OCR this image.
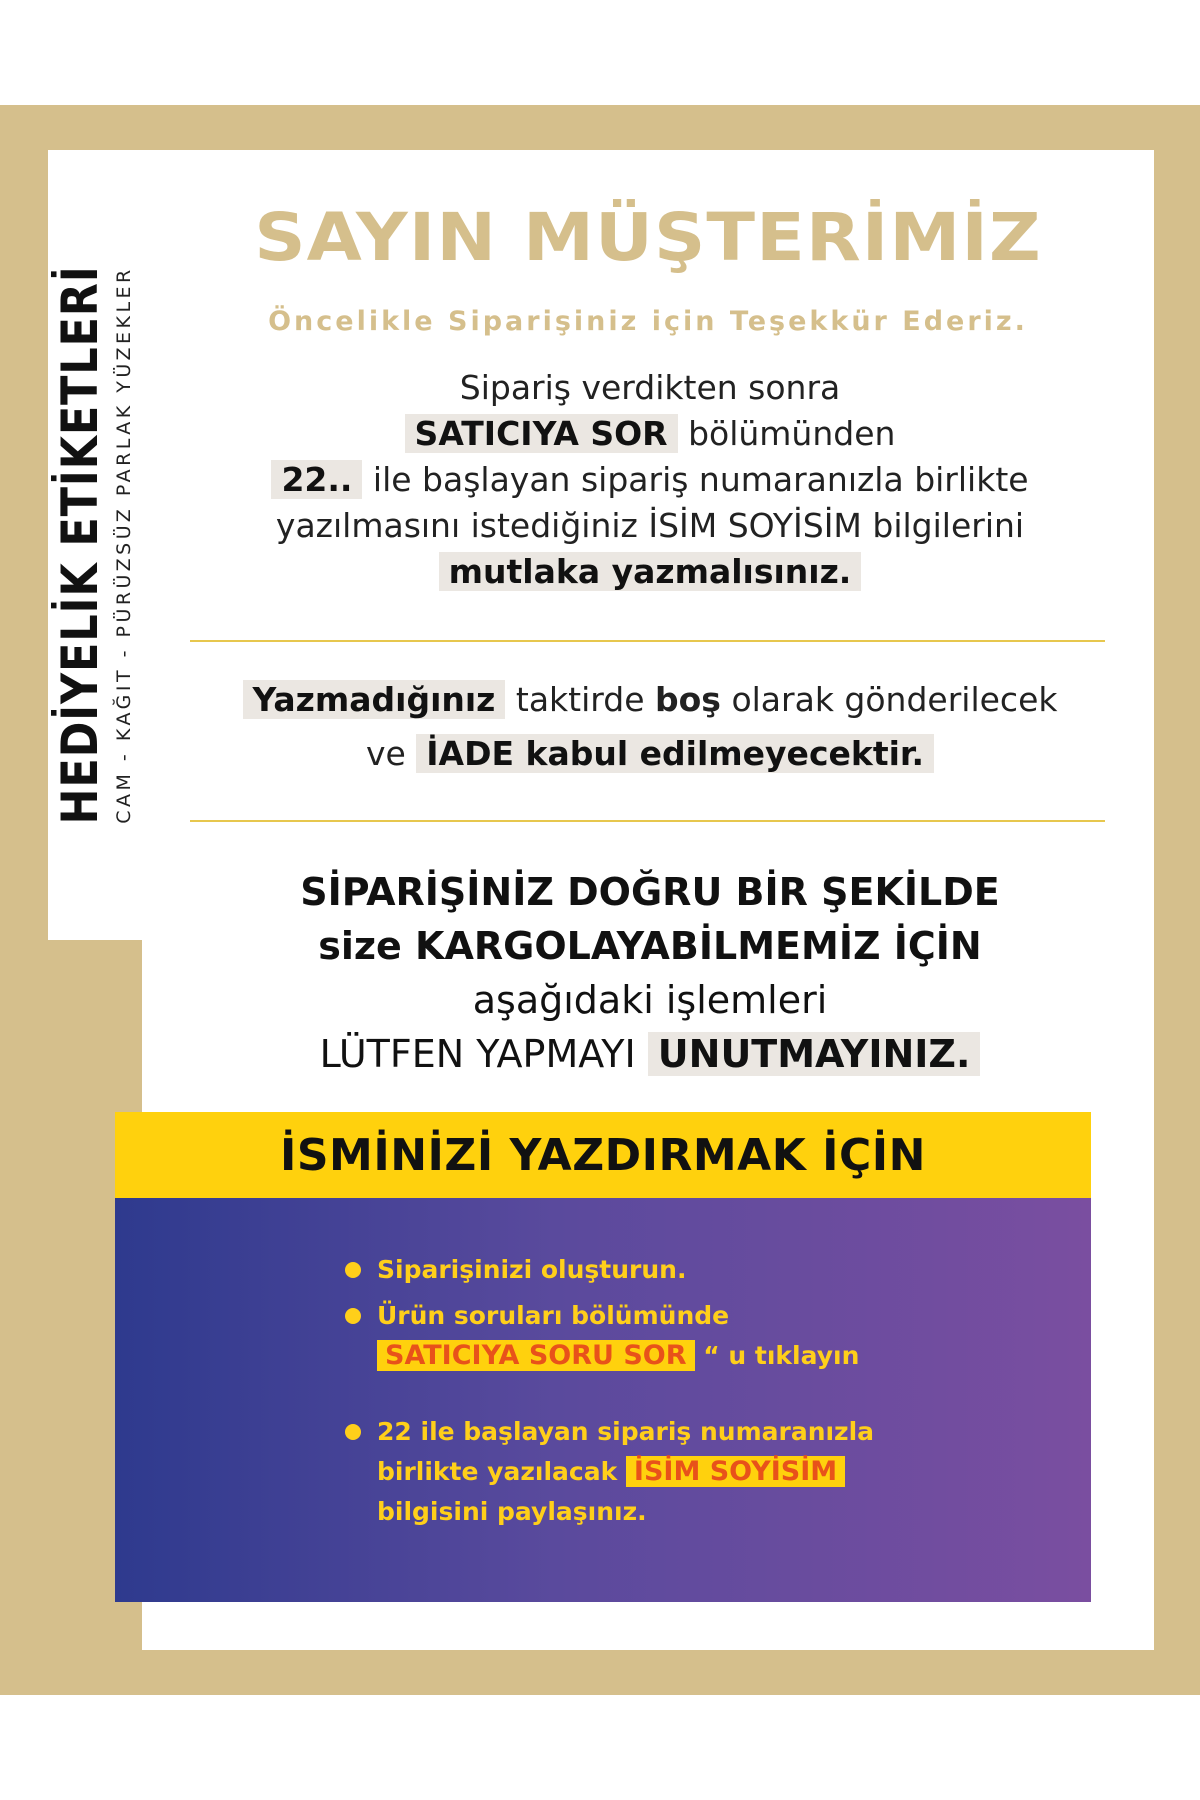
HEDİYELİK ETİKETLERİ CAM - KAĞIT - PÜRÜZSÜZ PARLAK YÜZEKLER
SAYIN MÜŞTERİMİZ
Öncelikle Siparişiniz için Teşekkür Ederiz.
Sipariş verdikten sonra
SATICIYA SOR bölümünden
22.. ile başlayan sipariş numaranızla birlikte
yazılmasını istediğiniz İSİM SOYİSİM bilgilerini
mutlaka yazmalısınız.
Yazmadığınız taktirde boş olarak gönderilecek
ve İADE kabul edilmeyecektir.
SİPARİŞİNİZ DOĞRU BİR ŞEKİLDE
size KARGOLAYABİLMEMİZ İÇİN
aşağıdaki işlemleri
LÜTFEN YAPMAYI UNUTMAYINIZ.
İSMİNİZİ YAZDIRMAK İÇİN
Siparişinizi oluşturun.
Ürün soruları bölümünde
SATICIYA SORU SOR “ u tıklayın
22 ile başlayan sipariş numaranızla
birlikte yazılacak İSİM SOYİSİM
bilgisini paylaşınız.
